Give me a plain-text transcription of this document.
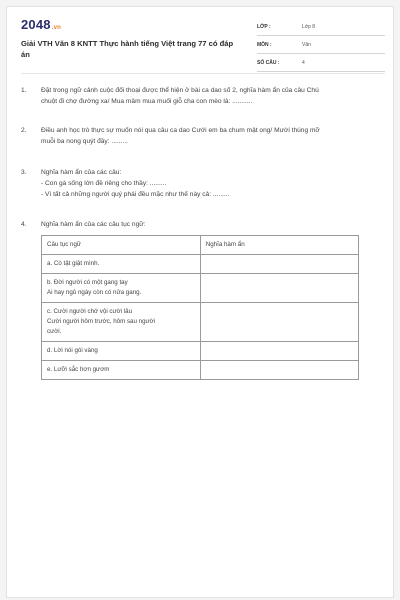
2048.vn
Giải VTH Văn 8 KNTT Thực hành tiếng Việt trang 77 có đáp
án
LỚP :	Lớp 8
MÔN :	Văn
SỐ CÂU :	4
1.	Đặt trong ngữ cảnh cuộc đối thoại được thể hiện ở bài ca dao số 2, nghĩa hàm ẩn của câu Chú
chuột đi chợ đường xa/ Mua mâm mua muối giỗ cha con mèo là: ...........
2.	Điều anh học trò thực sự muốn nói qua câu ca dao Cưới em ba chum mật ong/ Mười thúng mỡ
muỗi ba nong quýt đầy: .........
3.	Nghĩa hàm ẩn của các câu:
- Con gà sống lớn đề riêng cho thầy: .........
- Vì tất cả những người quý phái đều mặc như thế này cả: .........
4.	Nghĩa hàm ẩn của các câu tục ngữ:
Câu tục ngữ	Nghĩa hàm ẩn

a. Cò tật giật mình.	

b. Đời người có một gang tay
Ai hay ngủ ngày còn có nửa gang.	

c. Cười người chớ vội cười lâu
Cười người hôm trước, hôm sau người
cười.	

d. Lời nói gói vàng	

e. Lưỡi sắc hơn gươm	
